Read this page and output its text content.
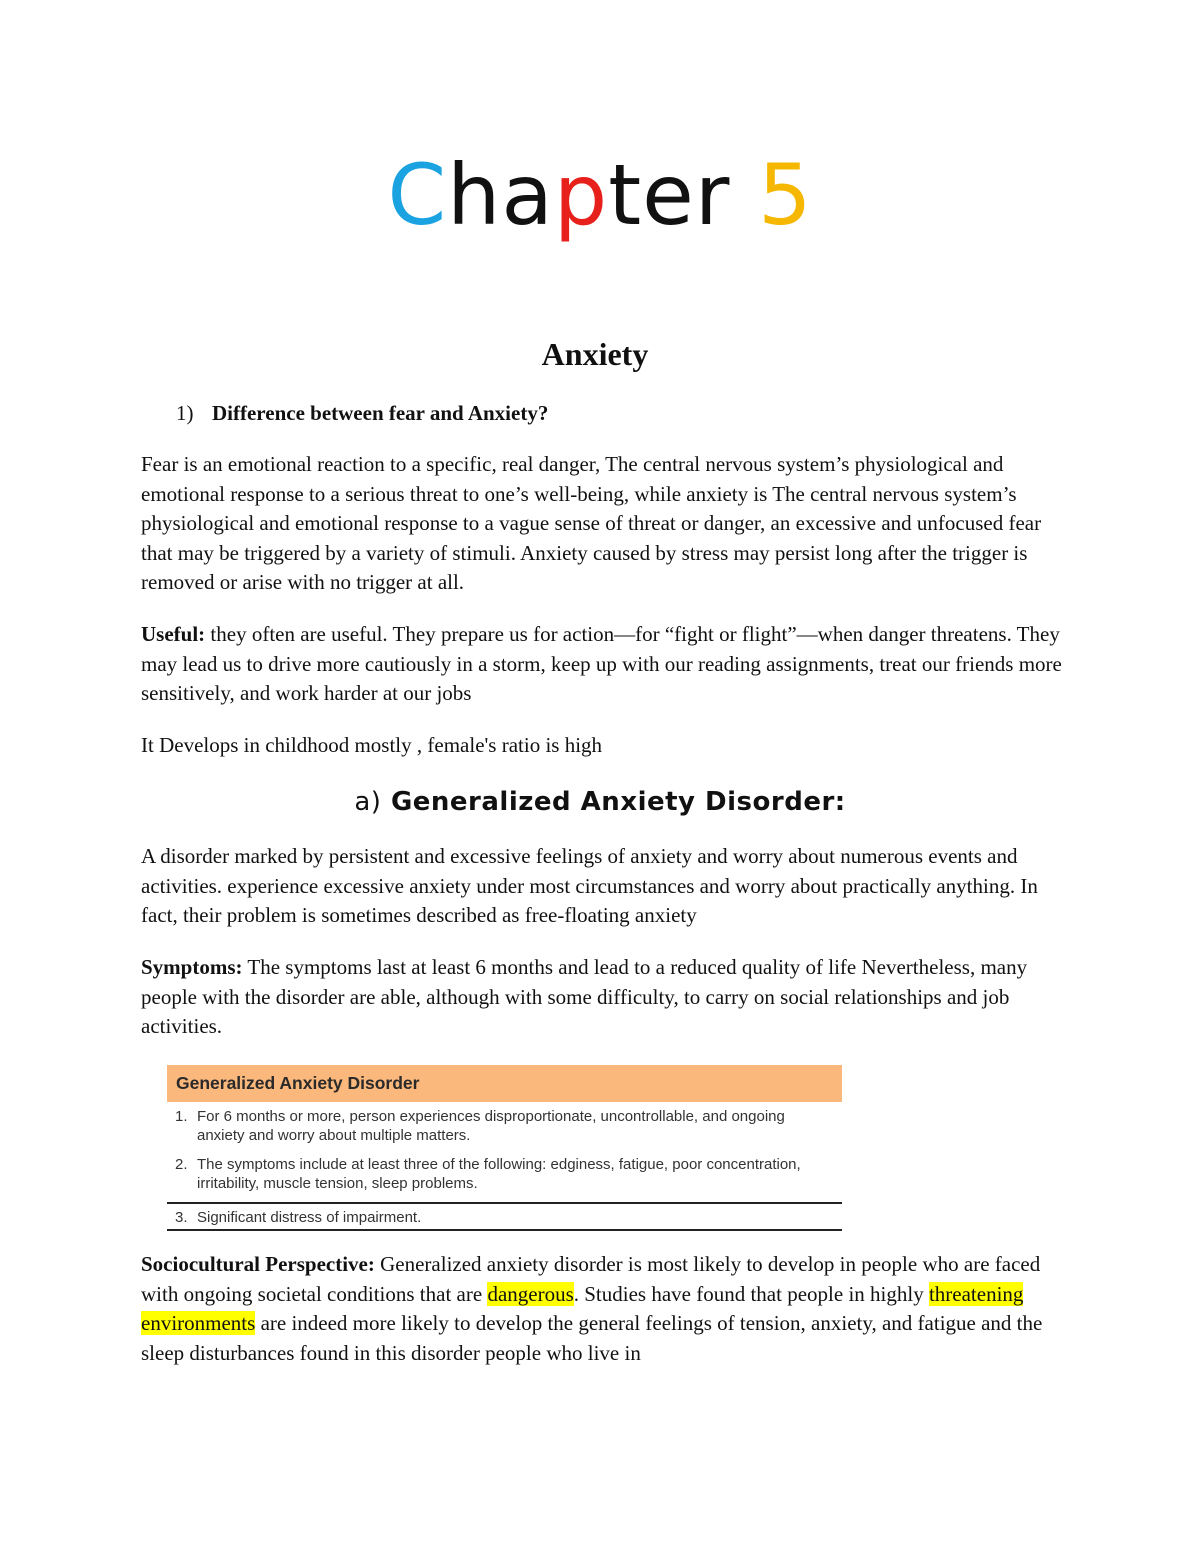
Chapter 5
Anxiety
1) Difference between fear and Anxiety?
Fear is an emotional reaction to a specific, real danger, The central nervous system’s physiological and emotional response to a serious threat to one’s well-being, while anxiety is The central nervous system’s physiological and emotional response to a vague sense of threat or danger, an excessive and unfocused fear that may be triggered by a variety of stimuli. Anxiety caused by stress may persist long after the trigger is removed or arise with no trigger at all.
Useful: they often are useful. They prepare us for action—for “fight or flight”—when danger threatens. They may lead us to drive more cautiously in a storm, keep up with our reading assignments, treat our friends more sensitively, and work harder at our jobs
It Develops in childhood mostly , female's ratio is high
a) Generalized Anxiety Disorder:
A disorder marked by persistent and excessive feelings of anxiety and worry about numerous events and activities. experience excessive anxiety under most circumstances and worry about practically anything. In fact, their problem is sometimes described as free-floating anxiety
Symptoms: The symptoms last at least 6 months and lead to a reduced quality of life Nevertheless, many people with the disorder are able, although with some difficulty, to carry on social relationships and job activities.
Generalized Anxiety Disorder
1. For 6 months or more, person experiences disproportionate, uncontrollable, and ongoing anxiety and worry about multiple matters.
2. The symptoms include at least three of the following: edginess, fatigue, poor concentration, irritability, muscle tension, sleep problems.
3. Significant distress of impairment.
Sociocultural Perspective: Generalized anxiety disorder is most likely to develop in people who are faced with ongoing societal conditions that are dangerous. Studies have found that people in highly threatening environments are indeed more likely to develop the general feelings of tension, anxiety, and fatigue and the sleep disturbances found in this disorder people who live in
